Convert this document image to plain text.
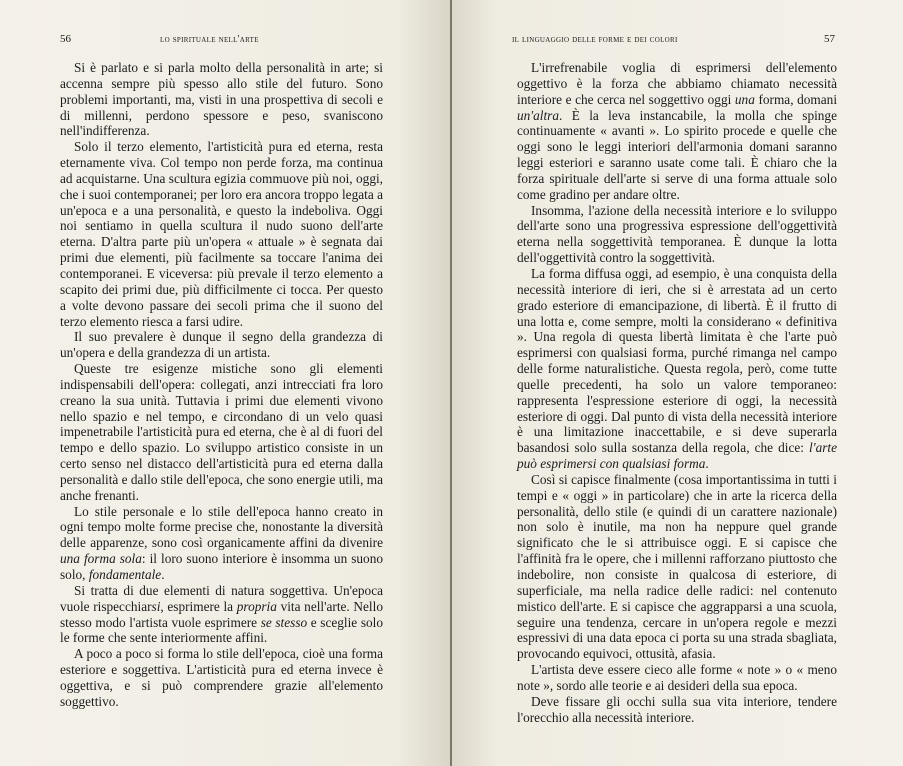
56	lo spirituale nell'arte

Si è parlato e si parla molto della personalità in arte; si accenna sempre più spesso allo stile del futuro. Sono problemi importanti, ma, visti in una prospettiva di secoli e di millenni, perdono spessore e peso, svaniscono nell'indifferenza.

Solo il terzo elemento, l'artisticità pura ed eterna, resta eternamente viva. Col tempo non perde forza, ma continua ad acquistarne. Una scultura egizia commuove più noi, oggi, che i suoi contemporanei; per loro era ancora troppo legata a un'epoca e a una personalità, e questo la indeboliva. Oggi noi sentiamo in quella scultura il nudo suono dell'arte eterna. D'altra parte più un'opera « attuale » è segnata dai primi due elementi, più facilmente sa toccare l'anima dei contemporanei. E viceversa: più prevale il terzo elemento a scapito dei primi due, più difficilmente ci tocca. Per questo a volte devono passare dei secoli prima che il suono del terzo elemento riesca a farsi udire.

Il suo prevalere è dunque il segno della grandezza di un'opera e della grandezza di un artista.

Queste tre esigenze mistiche sono gli elementi indispensabili dell'opera: collegati, anzi intrecciati fra loro creano la sua unità. Tuttavia i primi due elementi vivono nello spazio e nel tempo, e circondano di un velo quasi impenetrabile l'artisticità pura ed eterna, che è al di fuori del tempo e dello spazio. Lo sviluppo artistico consiste in un certo senso nel distacco dell'artisticità pura ed eterna dalla personalità e dallo stile dell'epoca, che sono energie utili, ma anche frenanti.

Lo stile personale e lo stile dell'epoca hanno creato in ogni tempo molte forme precise che, nonostante la diversità delle apparenze, sono così organicamente affini da divenire una forma sola: il loro suono interiore è insomma un suono solo, fondamentale.

Si tratta di due elementi di natura soggettiva. Un'epoca vuole rispecchiarsi, esprimere la propria vita nell'arte. Nello stesso modo l'artista vuole esprimere se stesso e sceglie solo le forme che sente interiormente affini.

A poco a poco si forma lo stile dell'epoca, cioè una forma esteriore e soggettiva. L'artisticità pura ed eterna invece è oggettiva, e si può comprendere grazie all'elemento soggettivo.

il linguaggio delle forme e dei colori	57

L'irrefrenabile voglia di esprimersi dell'elemento oggettivo è la forza che abbiamo chiamato necessità interiore e che cerca nel soggettivo oggi una forma, domani un'altra. È la leva instancabile, la molla che spinge continuamente « avanti ». Lo spirito procede e quelle che oggi sono le leggi interiori dell'armonia domani saranno leggi esteriori e saranno usate come tali. È chiaro che la forza spirituale dell'arte si serve di una forma attuale solo come gradino per andare oltre.

Insomma, l'azione della necessità interiore e lo sviluppo dell'arte sono una progressiva espressione dell'oggettività eterna nella soggettività temporanea. È dunque la lotta dell'oggettività contro la soggettività.

La forma diffusa oggi, ad esempio, è una conquista della necessità interiore di ieri, che si è arrestata ad un certo grado esteriore di emancipazione, di libertà. È il frutto di una lotta e, come sempre, molti la considerano « definitiva ». Una regola di questa libertà limitata è che l'arte può esprimersi con qualsiasi forma, purché rimanga nel campo delle forme naturalistiche. Questa regola, però, come tutte quelle precedenti, ha solo un valore temporaneo: rappresenta l'espressione esteriore di oggi, la necessità esteriore di oggi. Dal punto di vista della necessità interiore è una limitazione inaccettabile, e si deve superarla basandosi solo sulla sostanza della regola, che dice: l'arte può esprimersi con qualsiasi forma.

Così si capisce finalmente (cosa importantissima in tutti i tempi e « oggi » in particolare) che in arte la ricerca della personalità, dello stile (e quindi di un carattere nazionale) non solo è inutile, ma non ha neppure quel grande significato che le si attribuisce oggi. E si capisce che l'affinità fra le opere, che i millenni rafforzano piuttosto che indebolire, non consiste in qualcosa di esteriore, di superficiale, ma nella radice delle radici: nel contenuto mistico dell'arte. E si capisce che aggrapparsi a una scuola, seguire una tendenza, cercare in un'opera regole e mezzi espressivi di una data epoca ci porta su una strada sbagliata, provocando equivoci, ottusità, afasia.

L'artista deve essere cieco alle forme « note » o « meno note », sordo alle teorie e ai desideri della sua epoca.

Deve fissare gli occhi sulla sua vita interiore, tendere l'orecchio alla necessità interiore.
